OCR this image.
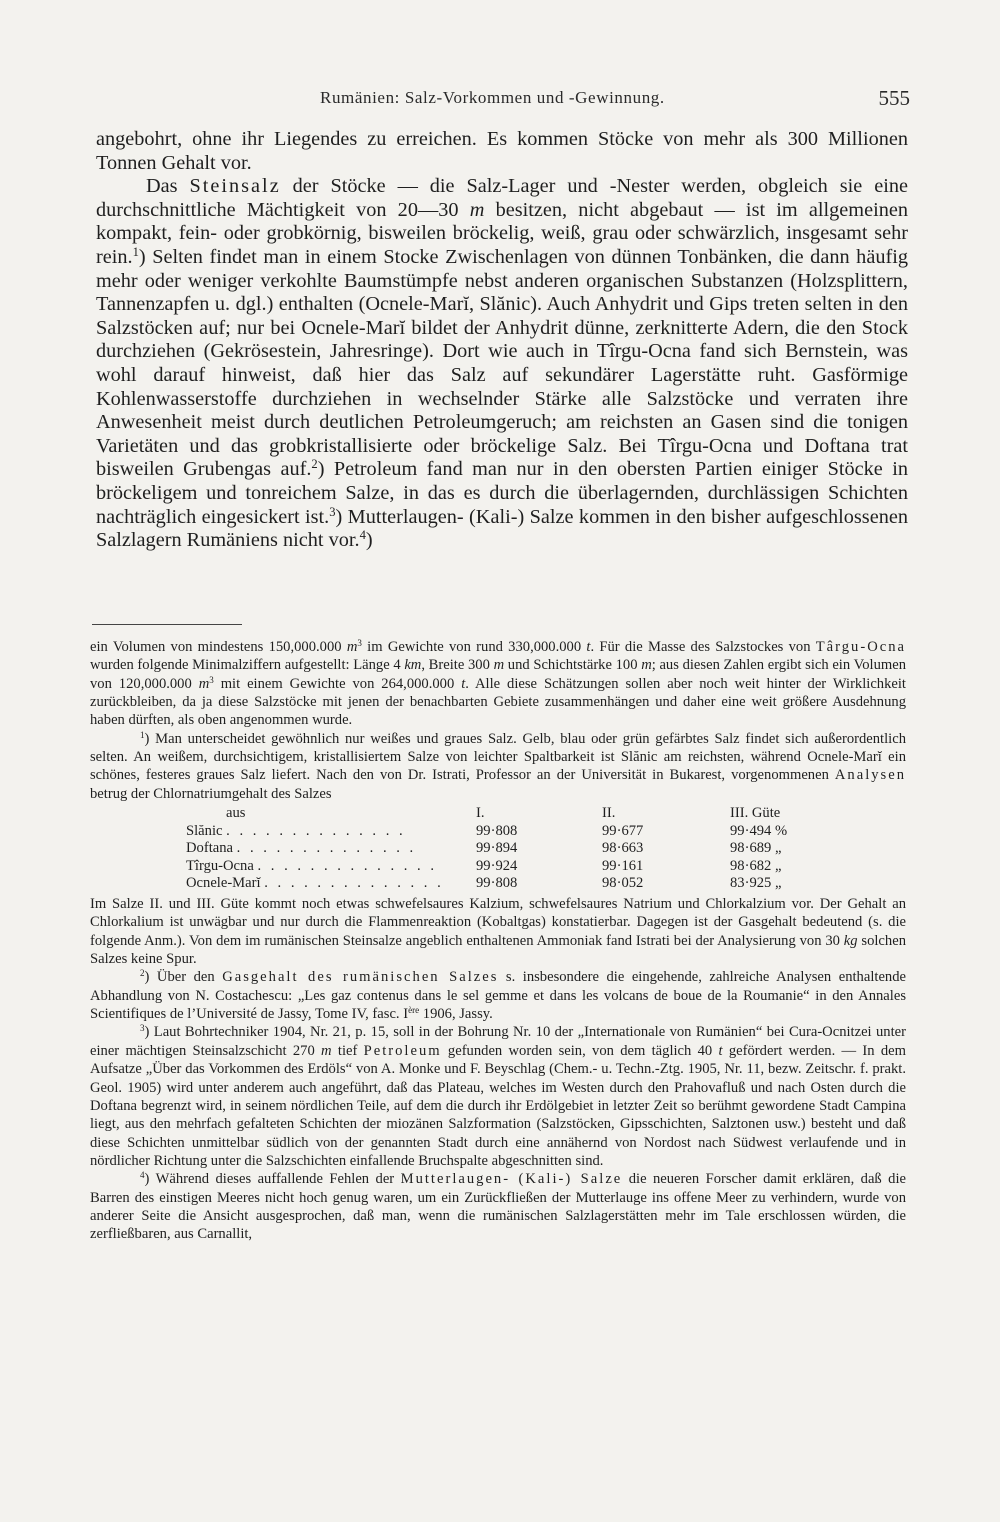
Rumänien: Salz-Vorkommen und -Gewinnung.	555

angebohrt, ohne ihr Liegendes zu erreichen. Es kommen Stöcke von mehr als 300 Millionen Tonnen Gehalt vor.

Das Steinsalz der Stöcke — die Salz-Lager und -Nester werden, obgleich sie eine durchschnittliche Mächtigkeit von 20—30 m besitzen, nicht abgebaut — ist im allgemeinen kompakt, fein- oder grobkörnig, bisweilen bröckelig, weiß, grau oder schwärzlich, insgesamt sehr rein.$^1$) Selten findet man in einem Stocke Zwischenlagen von dünnen Tonbänken, die dann häufig mehr oder weniger verkohlte Baumstümpfe nebst anderen organischen Substanzen (Holzsplittern, Tannenzapfen u. dgl.) enthalten (Ocnele-Marĭ, Slănic). Auch Anhydrit und Gips treten selten in den Salzstöcken auf; nur bei Ocnele-Marĭ bildet der Anhydrit dünne, zerknitterte Adern, die den Stock durchziehen (Gekrösestein, Jahresringe). Dort wie auch in Tîrgu-Ocna fand sich Bernstein, was wohl darauf hinweist, daß hier das Salz auf sekundärer Lagerstätte ruht. Gasförmige Kohlenwasserstoffe durchziehen in wechselnder Stärke alle Salzstöcke und verraten ihre Anwesenheit meist durch deutlichen Petroleumgeruch; am reichsten an Gasen sind die tonigen Varietäten und das grobkristallisierte oder bröckelige Salz. Bei Tîrgu-Ocna und Doftana trat bisweilen Grubengas auf.$^2$) Petroleum fand man nur in den obersten Partien einiger Stöcke in bröckeligem und tonreichem Salze, in das es durch die überlagernden, durchlässigen Schichten nachträglich eingesickert ist.$^3$) Mutterlaugen- (Kali-) Salze kommen in den bisher aufgeschlossenen Salzlagern Rumäniens nicht vor.$^4$)

ein Volumen von mindestens 150,000.000 $m^3$ im Gewichte von rund 330,000.000 t. Für die Masse des Salzstockes von Târgu-Ocna wurden folgende Minimalziffern aufgestellt: Länge 4 km, Breite 300 m und Schichtstärke 100 m; aus diesen Zahlen ergibt sich ein Volumen von 120,000.000 $m^3$ mit einem Gewichte von 264,000.000 t. Alle diese Schätzungen sollen aber noch weit hinter der Wirklichkeit zurückbleiben, da ja diese Salzstöcke mit jenen der benachbarten Gebiete zusammenhängen und daher eine weit größere Ausdehnung haben dürften, als oben angenommen wurde.

$^1$) Man unterscheidet gewöhnlich nur weißes und graues Salz. Gelb, blau oder grün gefärbtes Salz findet sich außerordentlich selten. An weißem, durchsichtigem, kristallisiertem Salze von leichter Spaltbarkeit ist Slănic am reichsten, während Ocnele-Marĭ ein schönes, festeres graues Salz liefert. Nach den von Dr. Istrati, Professor an der Universität in Bukarest, vorgenommenen Analysen betrug der Chlornatriumgehalt des Salzes

aus	I.	II.	III. Güte
Slănic . . . . . . . . . . . . . .	99·808	99·677	99·494 %
Doftana . . . . . . . . . . . . . .	99·894	98·663	98·689 „
Tîrgu-Ocna . . . . . . . . . . . . . .	99·924	99·161	98·682 „
Ocnele-Marĭ . . . . . . . . . . . . . .	99·808	98·052	83·925 „

Im Salze II. und III. Güte kommt noch etwas schwefelsaures Kalzium, schwefelsaures Natrium und Chlorkalzium vor. Der Gehalt an Chlorkalium ist unwägbar und nur durch die Flammenreaktion (Kobaltgas) konstatierbar. Dagegen ist der Gasgehalt bedeutend (s. die folgende Anm.). Von dem im rumänischen Steinsalze angeblich enthaltenen Ammoniak fand Istrati bei der Analysierung von 30 kg solchen Salzes keine Spur.

$^2$) Über den Gasgehalt des rumänischen Salzes s. insbesondere die eingehende, zahlreiche Analysen enthaltende Abhandlung von N. Costachescu: „Les gaz contenus dans le sel gemme et dans les volcans de boue de la Roumanie“ in den Annales Scientifiques de l’Université de Jassy, Tome IV, fasc. Ière 1906, Jassy.

$^3$) Laut Bohrtechniker 1904, Nr. 21, p. 15, soll in der Bohrung Nr. 10 der „Internationale von Rumänien“ bei Cura-Ocnitzei unter einer mächtigen Steinsalzschicht 270 m tief Petroleum gefunden worden sein, von dem täglich 40 t gefördert werden. — In dem Aufsatze „Über das Vorkommen des Erdöls“ von A. Monke und F. Beyschlag (Chem.- u. Techn.-Ztg. 1905, Nr. 11, bezw. Zeitschr. f. prakt. Geol. 1905) wird unter anderem auch angeführt, daß das Plateau, welches im Westen durch den Prahovafluß und nach Osten durch die Doftana begrenzt wird, in seinem nördlichen Teile, auf dem die durch ihr Erdölgebiet in letzter Zeit so berühmt gewordene Stadt Campina liegt, aus den mehrfach gefalteten Schichten der miozänen Salzformation (Salzstöcken, Gipsschichten, Salztonen usw.) besteht und daß diese Schichten unmittelbar südlich von der genannten Stadt durch eine annähernd von Nordost nach Südwest verlaufende und in nördlicher Richtung unter die Salzschichten einfallende Bruchspalte abgeschnitten sind.

$^4$) Während dieses auffallende Fehlen der Mutterlaugen- (Kali-) Salze die neueren Forscher damit erklären, daß die Barren des einstigen Meeres nicht hoch genug waren, um ein Zurückfließen der Mutterlauge ins offene Meer zu verhindern, wurde von anderer Seite die Ansicht ausgesprochen, daß man, wenn die rumänischen Salzlagerstätten mehr im Tale erschlossen würden, die zerfließbaren, aus Carnallit,
